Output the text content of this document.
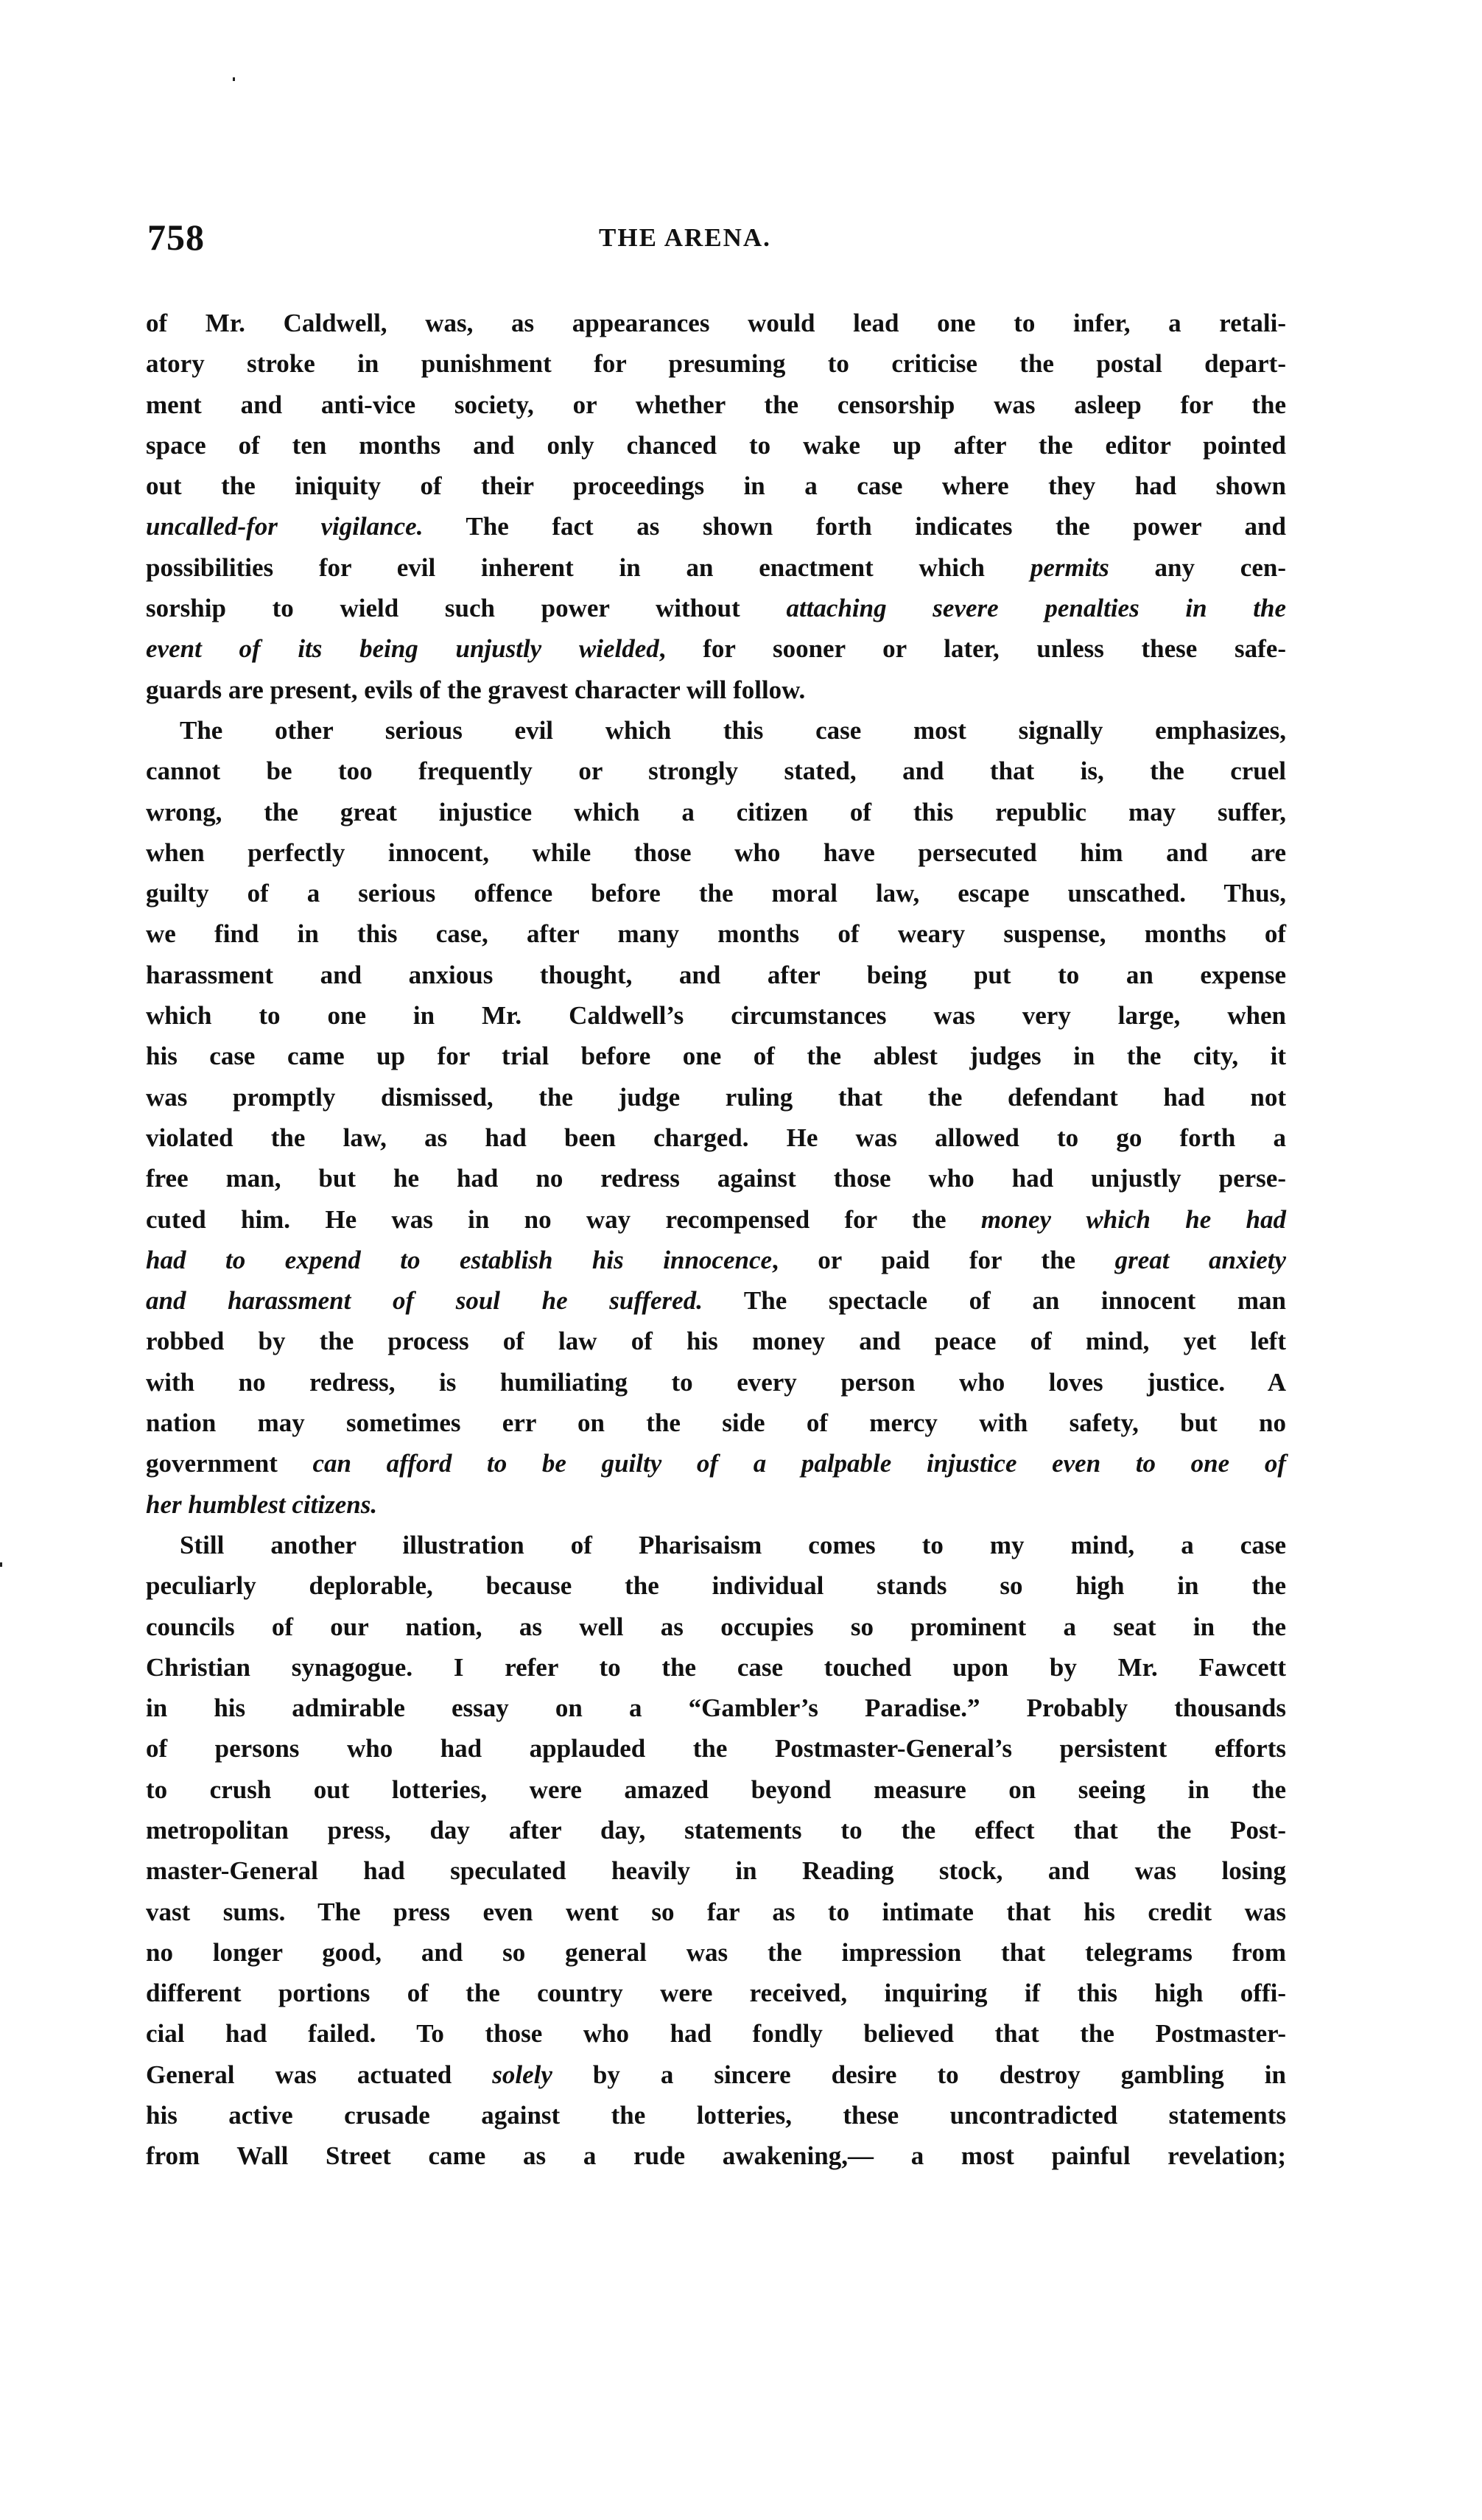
758	THE ARENA.
of Mr. Caldwell, was, as appearances would lead one to infer, a retali-
atory stroke in punishment for presuming to criticise the postal depart-
ment and anti-vice society, or whether the censorship was asleep for the
space of ten months and only chanced to wake up after the editor pointed
out the iniquity of their proceedings in a case where they had shown
uncalled-for vigilance. The fact as shown forth indicates the power and
possibilities for evil inherent in an enactment which permits any cen-
sorship to wield such power without attaching severe penalties in the
event of its being unjustly wielded, for sooner or later, unless these safe-
guards are present, evils of the gravest character will follow.
The other serious evil which this case most signally emphasizes,
cannot be too frequently or strongly stated, and that is, the cruel
wrong, the great injustice which a citizen of this republic may suffer,
when perfectly innocent, while those who have persecuted him and are
guilty of a serious offence before the moral law, escape unscathed. Thus,
we find in this case, after many months of weary suspense, months of
harassment and anxious thought, and after being put to an expense
which to one in Mr. Caldwell’s circumstances was very large, when
his case came up for trial before one of the ablest judges in the city, it
was promptly dismissed, the judge ruling that the defendant had not
violated the law, as had been charged. He was allowed to go forth a
free man, but he had no redress against those who had unjustly perse-
cuted him. He was in no way recompensed for the money which he had
had to expend to establish his innocence, or paid for the great anxiety
and harassment of soul he suffered. The spectacle of an innocent man
robbed by the process of law of his money and peace of mind, yet left
with no redress, is humiliating to every person who loves justice. A
nation may sometimes err on the side of mercy with safety, but no
government can afford to be guilty of a palpable injustice even to one of
her humblest citizens.
Still another illustration of Pharisaism comes to my mind, a case
peculiarly deplorable, because the individual stands so high in the
councils of our nation, as well as occupies so prominent a seat in the
Christian synagogue. I refer to the case touched upon by Mr. Fawcett
in his admirable essay on a “Gambler’s Paradise.” Probably thousands
of persons who had applauded the Postmaster-General’s persistent efforts
to crush out lotteries, were amazed beyond measure on seeing in the
metropolitan press, day after day, statements to the effect that the Post-
master-General had speculated heavily in Reading stock, and was losing
vast sums. The press even went so far as to intimate that his credit was
no longer good, and so general was the impression that telegrams from
different portions of the country were received, inquiring if this high offi-
cial had failed. To those who had fondly believed that the Postmaster-
General was actuated solely by a sincere desire to destroy gambling in
his active crusade against the lotteries, these uncontradicted statements
from Wall Street came as a rude awakening,— a most painful revelation;
